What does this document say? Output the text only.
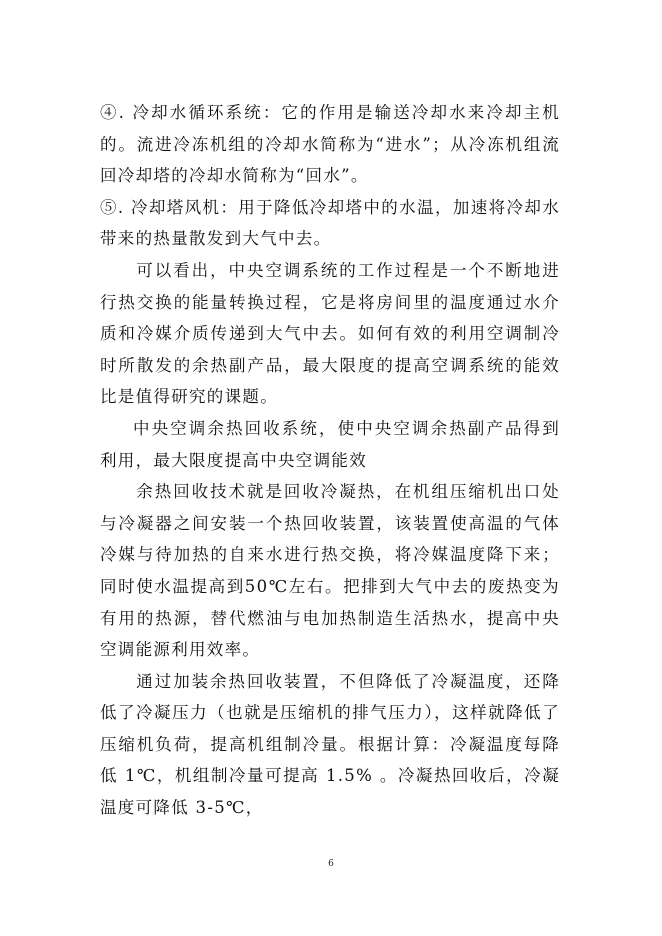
④. 冷却水循环系统：它的作用是输送冷却水来冷却主机的。流进冷冻机组的冷却水简称为“进水”；从冷冻机组流回冷却塔的冷却水简称为“回水”。

⑤. 冷却塔风机：用于降低冷却塔中的水温，加速将冷却水带来的热量散发到大气中去。

可以看出，中央空调系统的工作过程是一个不断地进行热交换的能量转换过程，它是将房间里的温度通过水介质和冷媒介质传递到大气中去。如何有效的利用空调制冷时所散发的余热副产品，最大限度的提高空调系统的能效比是值得研究的课题。

中央空调余热回收系统，使中央空调余热副产品得到利用，最大限度提高中央空调能效

余热回收技术就是回收冷凝热，在机组压缩机出口处与冷凝器之间安装一个热回收装置，该装置使高温的气体冷媒与待加热的自来水进行热交换，将冷媒温度降下来；同时使水温提高到50℃左右。把排到大气中去的废热变为有用的热源，替代燃油与电加热制造生活热水，提高中央空调能源利用效率。

通过加装余热回收装置，不但降低了冷凝温度，还降低了冷凝压力（也就是压缩机的排气压力），这样就降低了压缩机负荷，提高机组制冷量。根据计算：冷凝温度每降低 1℃，机组制冷量可提高 1.5% 。冷凝热回收后，冷凝温度可降低 3-5℃，

6
